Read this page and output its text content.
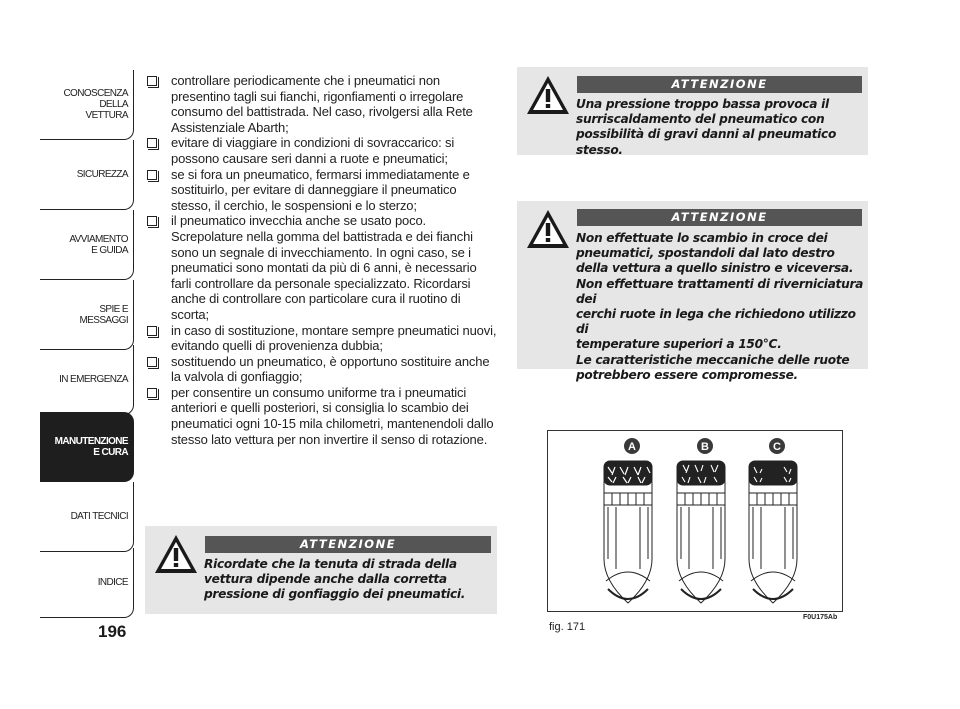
CONOSCENZA
DELLA
VETTURA
SICUREZZA
AVVIAMENTO
E GUIDA
SPIE E
MESSAGGI
IN EMERGENZA
MANUTENZIONE
E CURA
DATI TECNICI
INDICE
196
controllare periodicamente che i pneumatici non presentino tagli sui fianchi, rigonfiamenti o irregolare consumo del battistrada. Nel caso, rivolgersi alla Rete Assistenziale Abarth;
evitare di viaggiare in condizioni di sovraccarico: si possono causare seri danni a ruote e pneumatici;
se si fora un pneumatico, fermarsi immediatamente e sostituirlo, per evitare di danneggiare il pneumatico stesso, il cerchio, le sospensioni e lo sterzo;
il pneumatico invecchia anche se usato poco. Screpolature nella gomma del battistrada e dei fianchi sono un segnale di invecchiamento. In ogni caso, se i pneumatici sono montati da più di 6 anni, è necessario farli controllare da personale specializzato. Ricordarsi anche di controllare con particolare cura il ruotino di scorta;
in caso di sostituzione, montare sempre pneumatici nuovi, evitando quelli di provenienza dubbia;
sostituendo un pneumatico, è opportuno sostituire anche la valvola di gonfiaggio;
per consentire un consumo uniforme tra i pneumatici anteriori e quelli posteriori, si consiglia lo scambio dei pneumatici ogni 10-15 mila chilometri, mantenendoli dallo stesso lato vettura per non invertire il senso di rotazione.
ATTENZIONE

Ricordate che la tenuta di strada della
vettura dipende anche dalla corretta
pressione di gonfiaggio dei pneumatici.

ATTENZIONE

Una pressione troppo bassa provoca il
surriscaldamento del pneumatico con
possibilità di gravi danni al pneumatico stesso.

ATTENZIONE

Non effettuate lo scambio in croce dei
pneumatici, spostandoli dal lato destro
della vettura a quello sinistro e viceversa.
Non effettuare trattamenti di riverniciatura dei
cerchi ruote in lega che richiedono utilizzo di
temperature superiori a 150°C.
Le caratteristiche meccaniche delle ruote
potrebbero essere compromesse.

A	B	C
F0U175Ab
fig. 171
